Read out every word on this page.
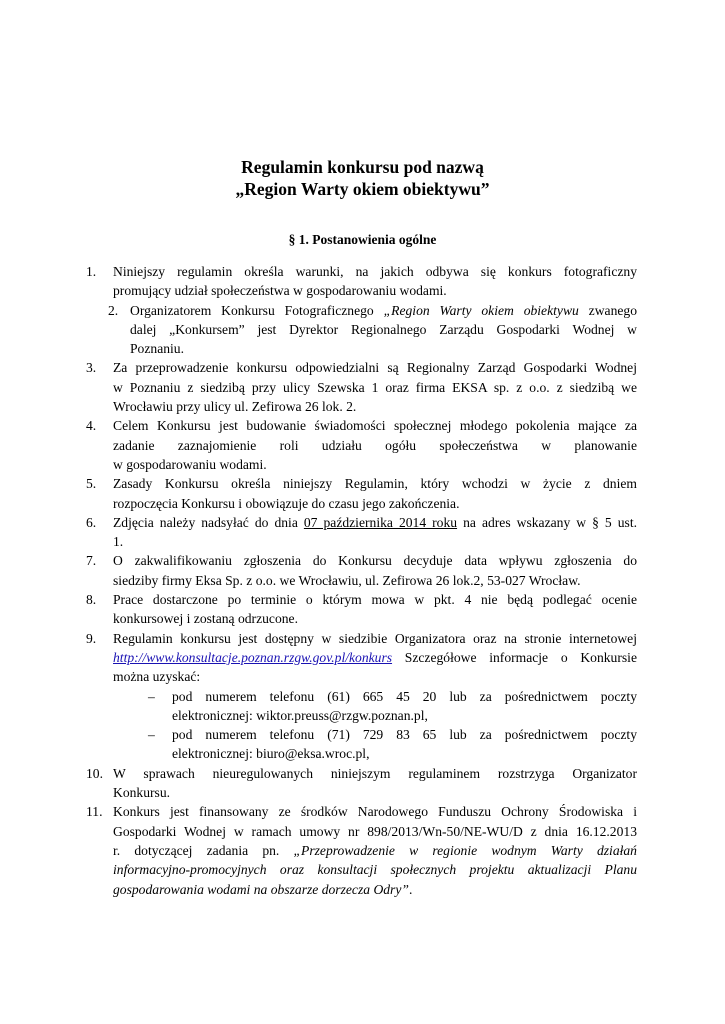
Regulamin konkursu pod nazwą
„Region Warty okiem obiektywu”
§ 1. Postanowienia ogólne
1. Niniejszy regulamin określa warunki, na jakich odbywa się konkurs fotograficzny
promujący udział społeczeństwa w gospodarowaniu wodami.
2. Organizatorem Konkursu Fotograficznego „Region Warty okiem obiektywu zwanego
dalej „Konkursem” jest Dyrektor Regionalnego Zarządu Gospodarki Wodnej w
Poznaniu.
3. Za przeprowadzenie konkursu odpowiedzialni są Regionalny Zarząd Gospodarki Wodnej
w Poznaniu z siedzibą przy ulicy Szewska 1 oraz firma EKSA sp. z o.o. z siedzibą we
Wrocławiu przy ulicy ul. Zefirowa 26 lok. 2.
4. Celem Konkursu jest budowanie świadomości społecznej młodego pokolenia mające za
zadanie zaznajomienie roli udziału ogółu społeczeństwa w planowanie
w gospodarowaniu wodami.
5. Zasady Konkursu określa niniejszy Regulamin, który wchodzi w życie z dniem
rozpoczęcia Konkursu i obowiązuje do czasu jego zakończenia.
6. Zdjęcia należy nadsyłać do dnia 07 października 2014 roku na adres wskazany w § 5 ust.
1.
7. O zakwalifikowaniu zgłoszenia do Konkursu decyduje data wpływu zgłoszenia do
siedziby firmy Eksa Sp. z o.o. we Wrocławiu, ul. Zefirowa 26 lok.2, 53-027 Wrocław.
8. Prace dostarczone po terminie o którym mowa w pkt. 4 nie będą podlegać ocenie
konkursowej i zostaną odrzucone.
9. Regulamin konkursu jest dostępny w siedzibie Organizatora oraz na stronie internetowej
http://www.konsultacje.poznan.rzgw.gov.pl/konkurs Szczegółowe informacje o Konkursie
można uzyskać:
– pod numerem telefonu (61) 665 45 20 lub za pośrednictwem poczty
elektronicznej: wiktor.preuss@rzgw.poznan.pl,
– pod numerem telefonu (71) 729 83 65 lub za pośrednictwem poczty
elektronicznej: biuro@eksa.wroc.pl,
10. W sprawach nieuregulowanych niniejszym regulaminem rozstrzyga Organizator
Konkursu.
11. Konkurs jest finansowany ze środków Narodowego Funduszu Ochrony Środowiska i
Gospodarki Wodnej w ramach umowy nr 898/2013/Wn-50/NE-WU/D z dnia 16.12.2013
r. dotyczącej zadania pn. „Przeprowadzenie w regionie wodnym Warty działań
informacyjno-promocyjnych oraz konsultacji społecznych projektu aktualizacji Planu
gospodarowania wodami na obszarze dorzecza Odry”.
